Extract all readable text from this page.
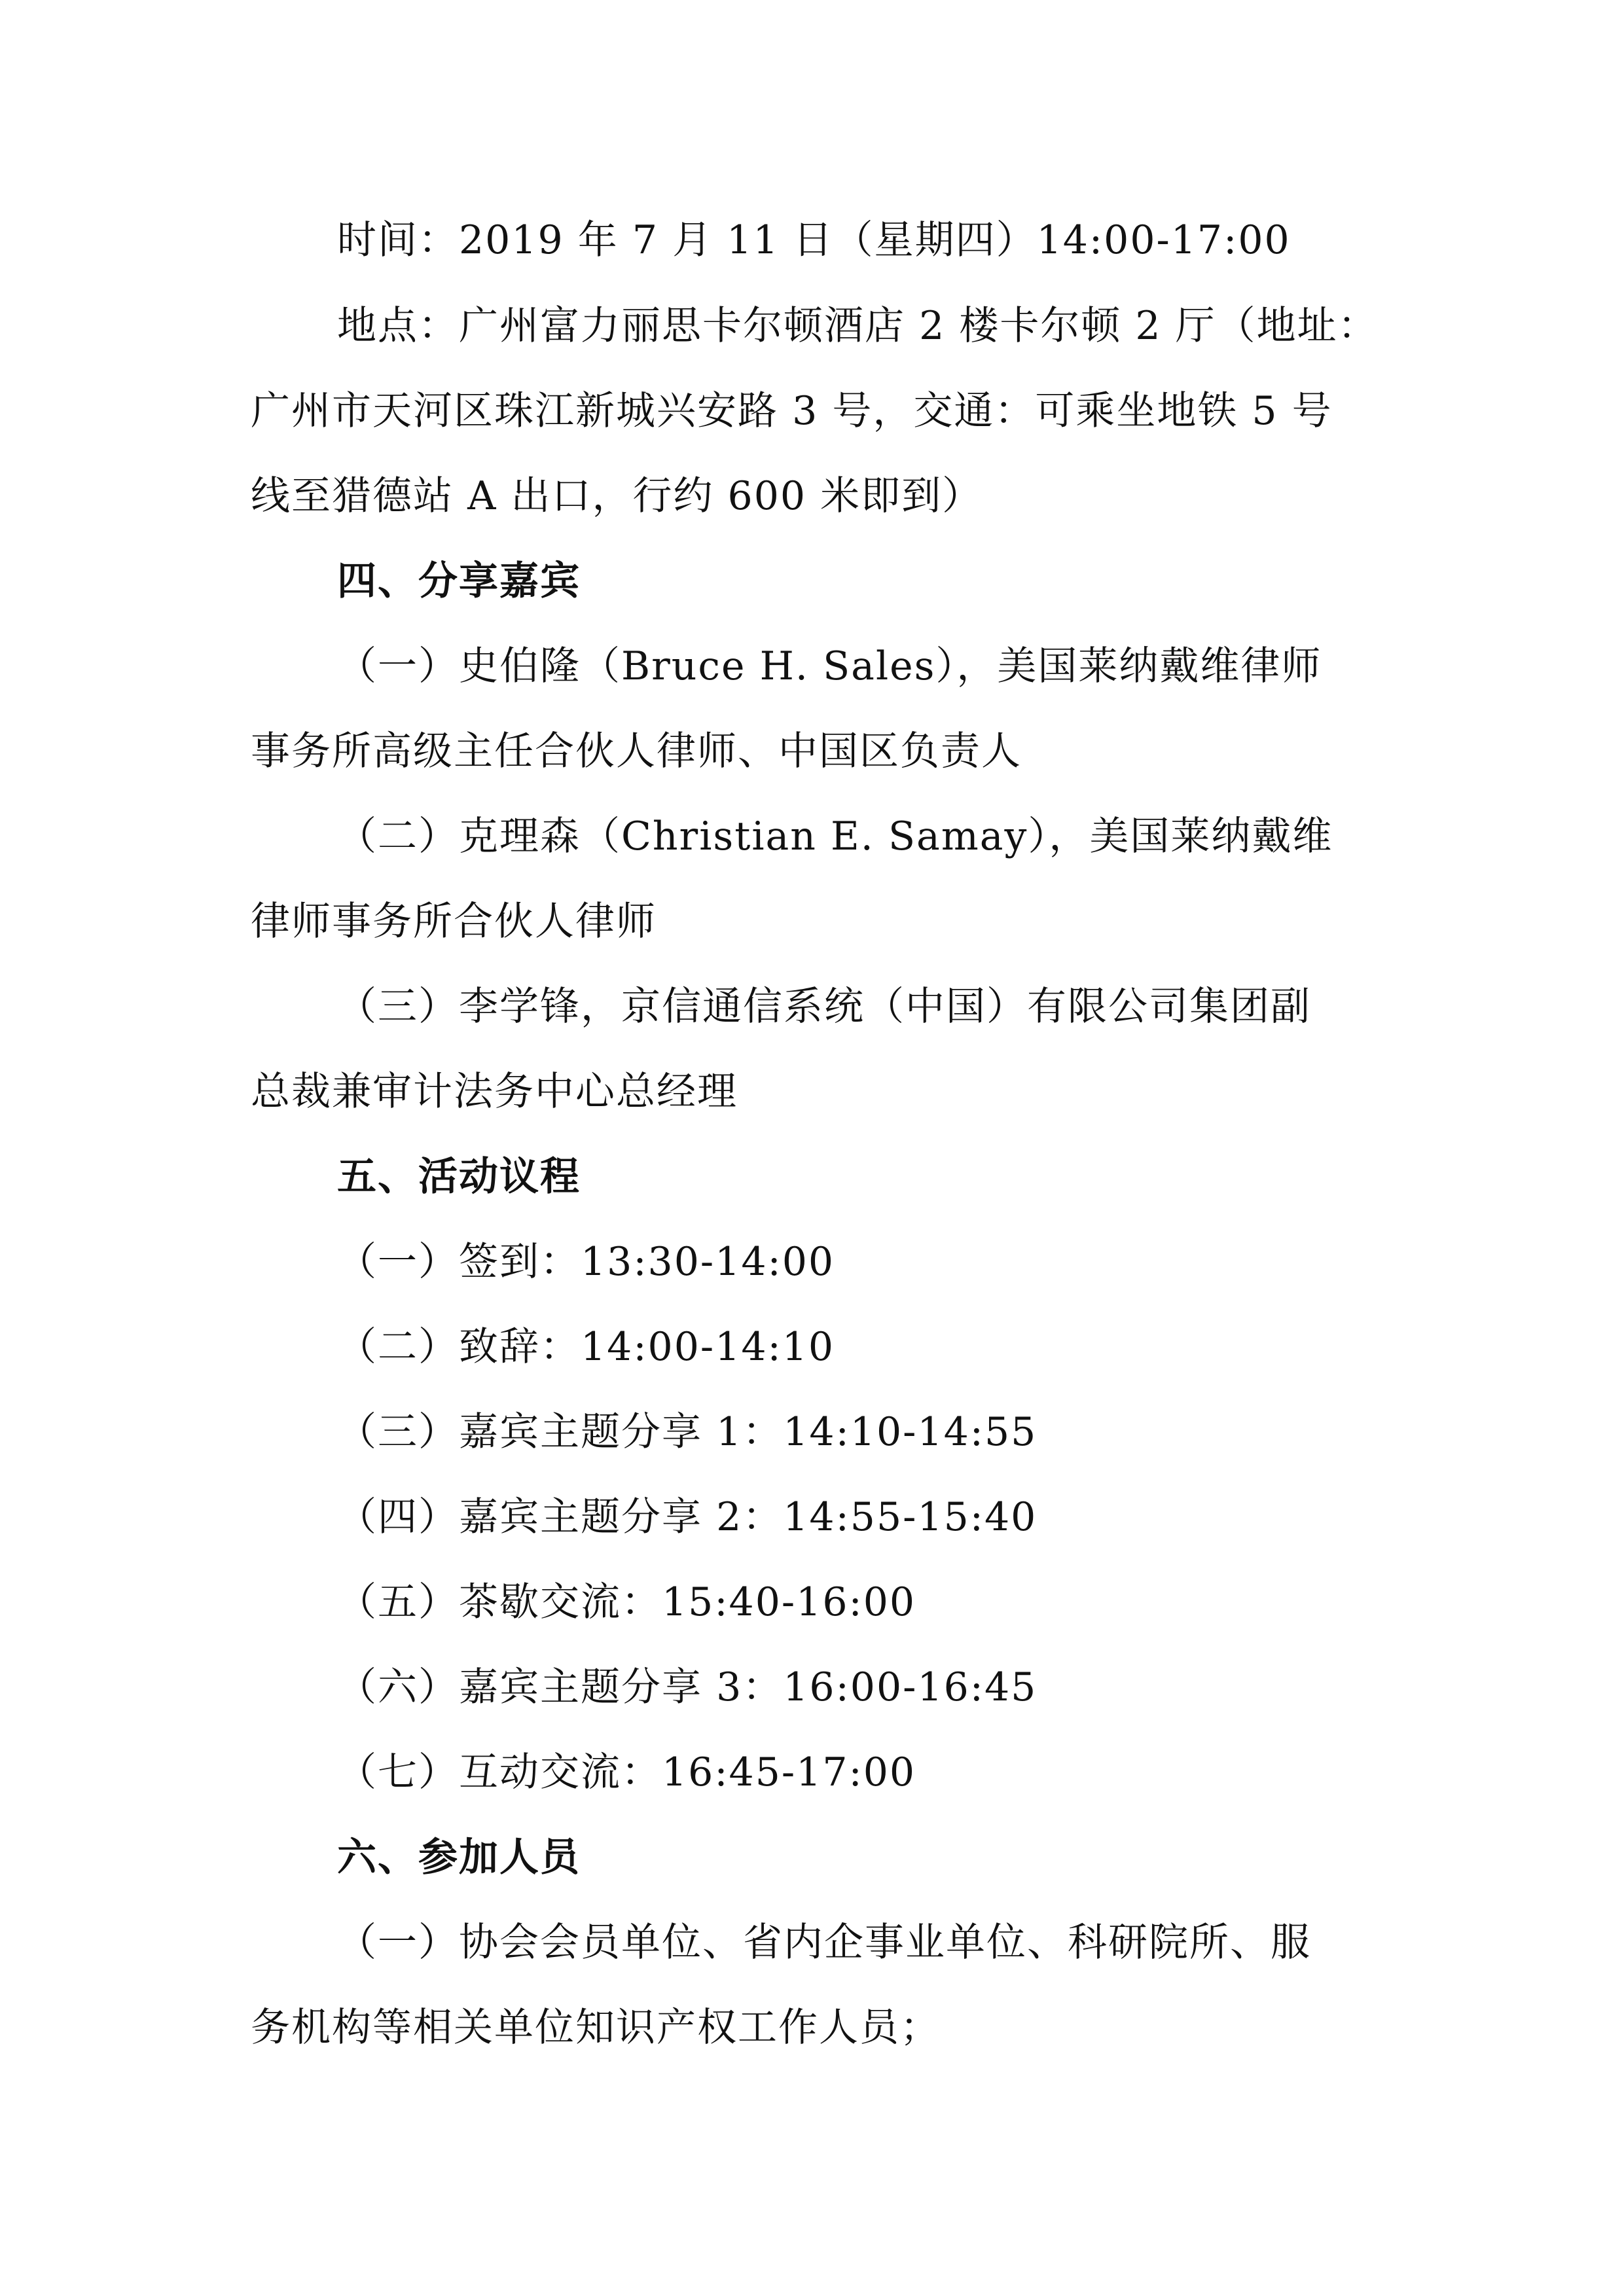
时间：2019 年 7 月 11 日（星期四）14:00-17:00
地点：广州富力丽思卡尔顿酒店 2 楼卡尔顿 2 厅（地址：
广州市天河区珠江新城兴安路 3 号，交通：可乘坐地铁 5 号
线至猎德站 A 出口，行约 600 米即到）
四、分享嘉宾
（一）史伯隆（Bruce H. Sales），美国莱纳戴维律师
事务所高级主任合伙人律师、中国区负责人
（二）克理森（Christian E. Samay），美国莱纳戴维
律师事务所合伙人律师
（三）李学锋，京信通信系统（中国）有限公司集团副
总裁兼审计法务中心总经理
五、活动议程
（一）签到：13:30-14:00
（二）致辞：14:00-14:10
（三）嘉宾主题分享 1：14:10-14:55
（四）嘉宾主题分享 2：14:55-15:40
（五）茶歇交流：15:40-16:00
（六）嘉宾主题分享 3：16:00-16:45
（七）互动交流：16:45-17:00
六、参加人员
（一）协会会员单位、省内企事业单位、科研院所、服
务机构等相关单位知识产权工作人员；
